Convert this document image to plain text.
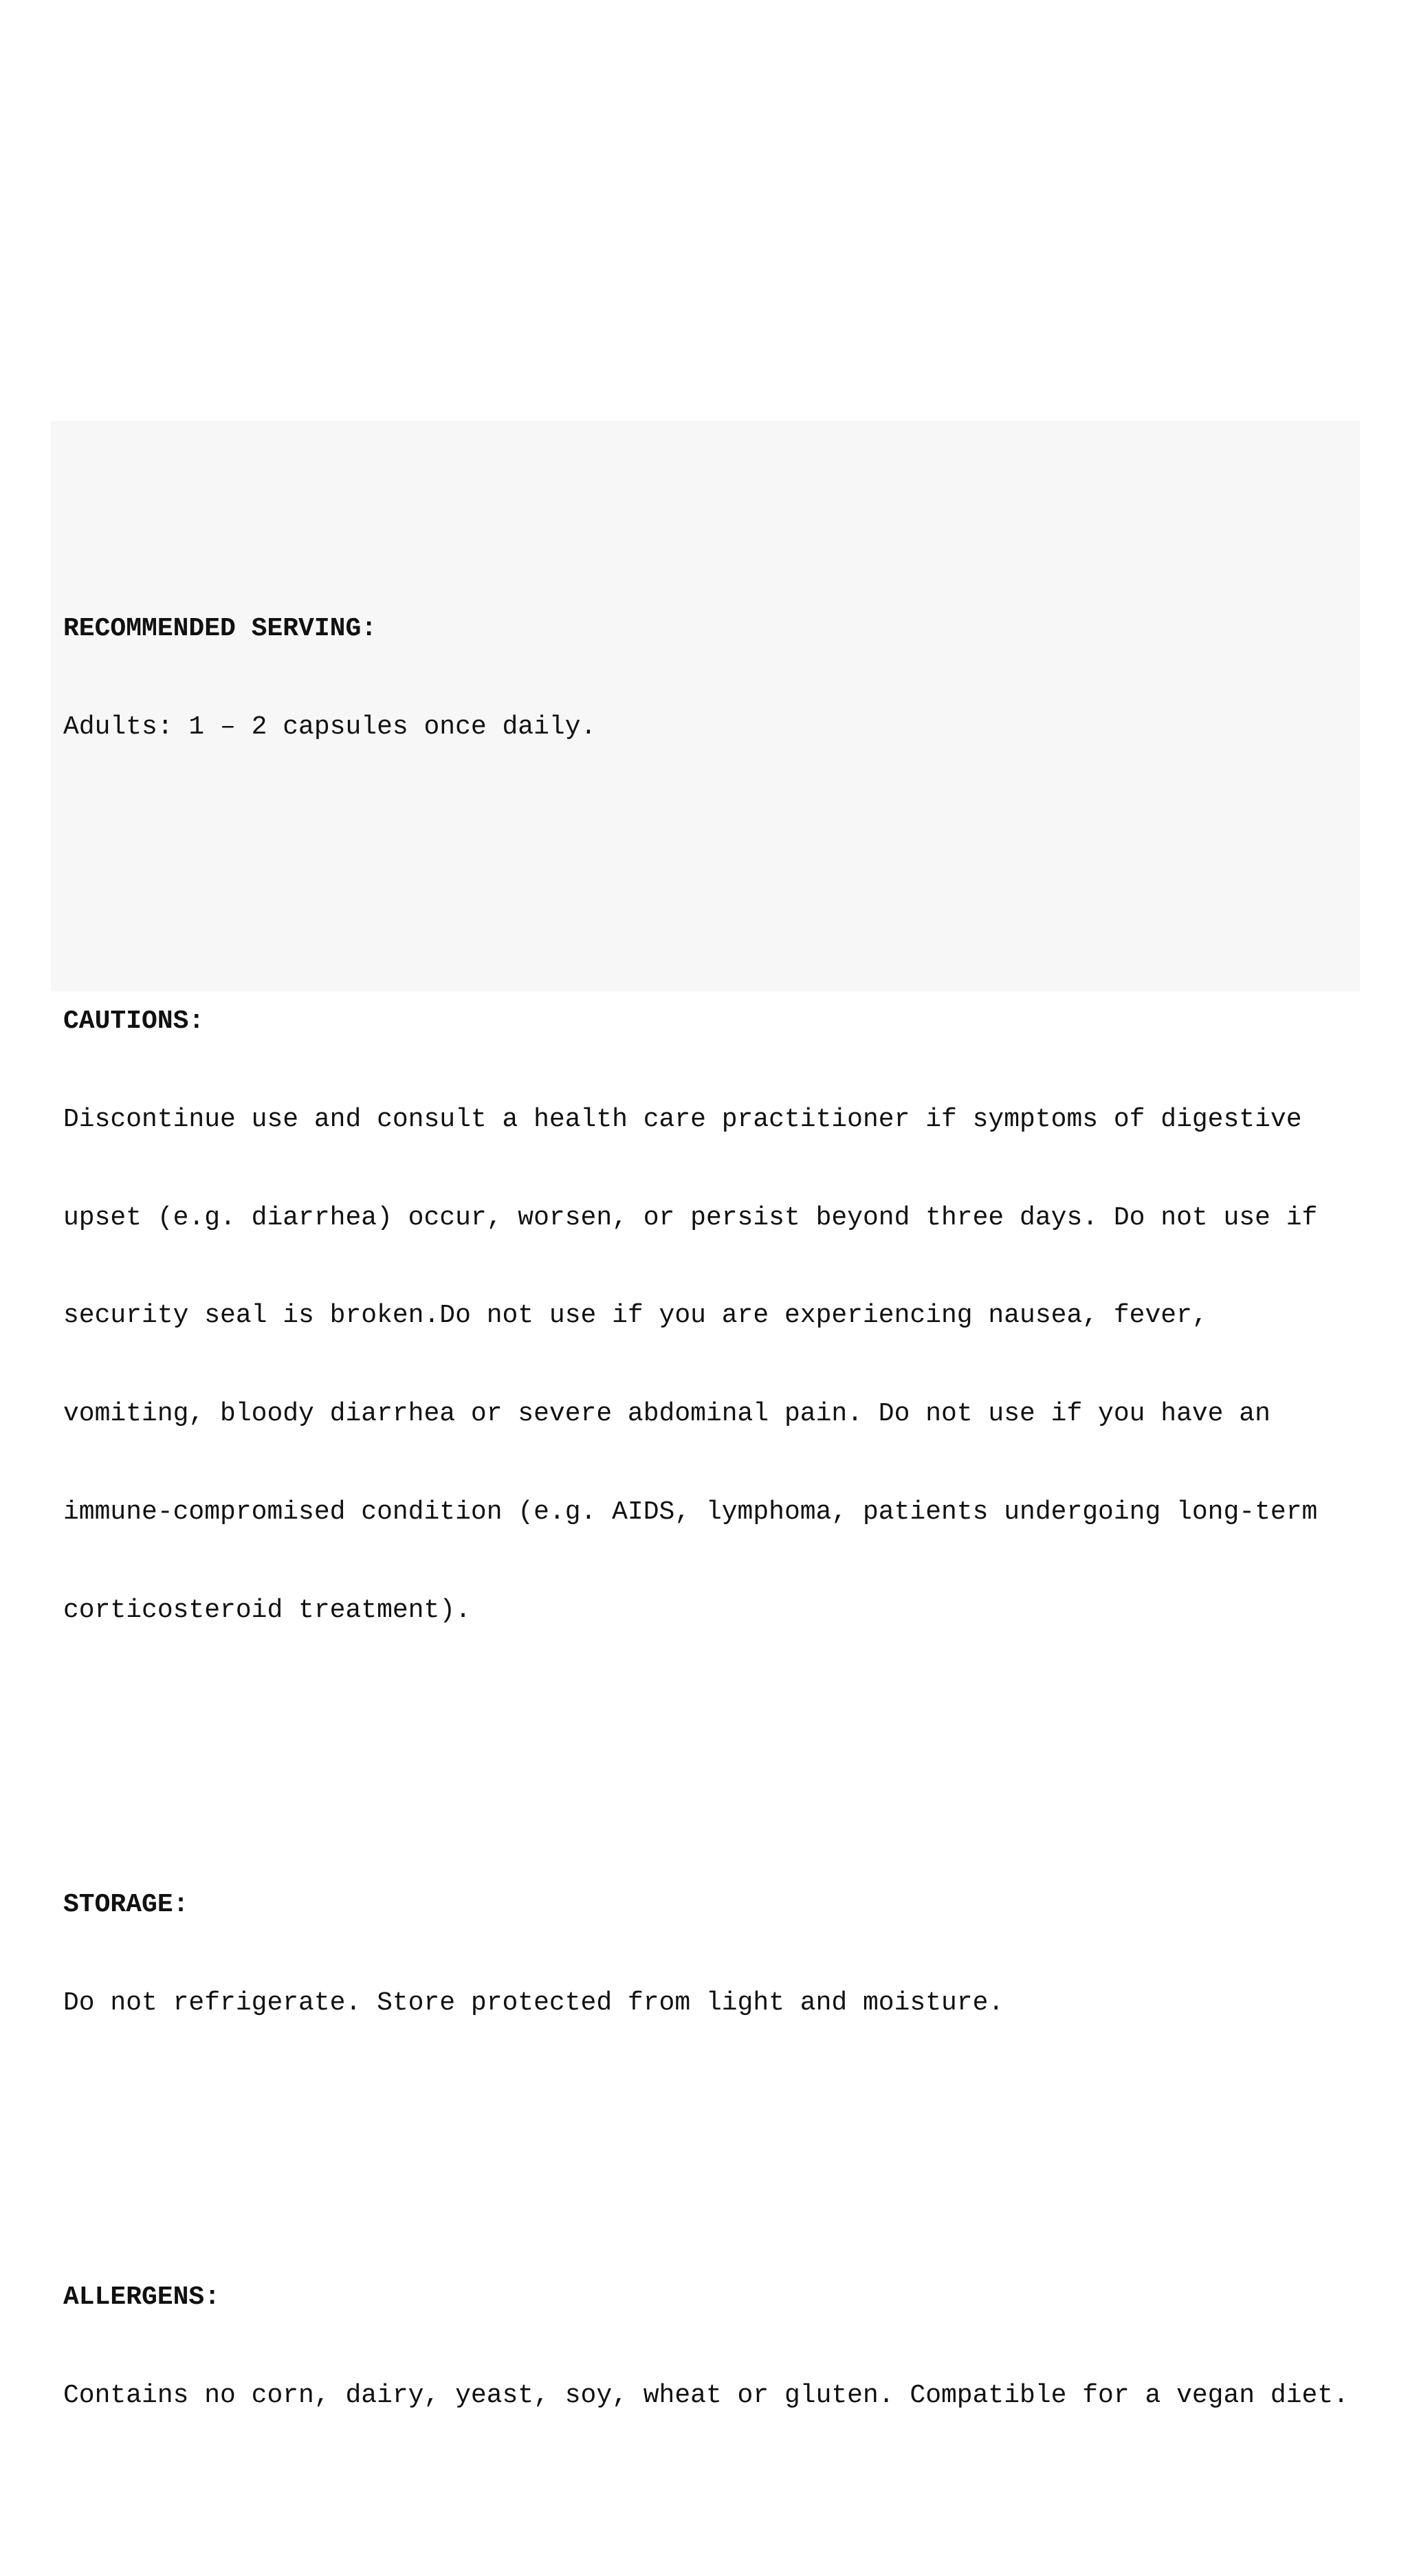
RECOMMENDED SERVING:

Adults: 1 – 2 capsules once daily.

CAUTIONS:

Discontinue use and consult a health care practitioner if symptoms of digestive

upset (e.g. diarrhea) occur, worsen, or persist beyond three days. Do not use if

security seal is broken.Do not use if you are experiencing nausea, fever,

vomiting, bloody diarrhea or severe abdominal pain. Do not use if you have an

immune-compromised condition (e.g. AIDS, lymphoma, patients undergoing long-term

corticosteroid treatment).

STORAGE:

Do not refrigerate. Store protected from light and moisture.

ALLERGENS:

Contains no corn, dairy, yeast, soy, wheat or gluten. Compatible for a vegan diet.
